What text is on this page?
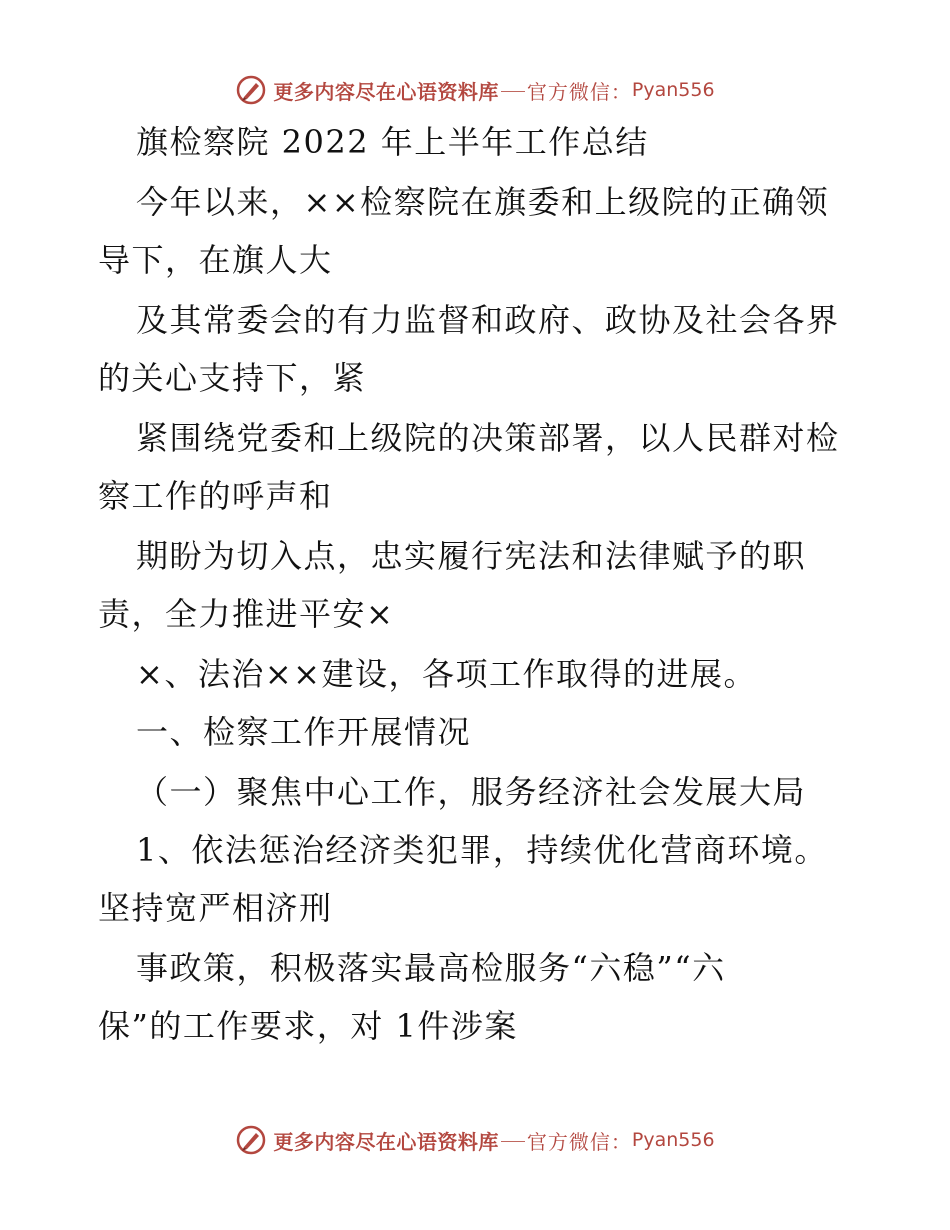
更多内容尽在心语资料库 官方微信： Pyan556
旗检察院 2022 年上半年工作总结
今年以来，××检察院在旗委和上级院的正确领
导下，在旗人大
及其常委会的有力监督和政府、政协及社会各界
的关心支持下，紧
紧围绕党委和上级院的决策部署，以人民群对检
察工作的呼声和
期盼为切入点，忠实履行宪法和法律赋予的职
责，全力推进平安×
×、法治××建设，各项工作取得的进展。
一、检察工作开展情况
（一）聚焦中心工作，服务经济社会发展大局
1、依法惩治经济类犯罪，持续优化营商环境。
坚持宽严相济刑
事政策，积极落实最高检服务“六稳”“六
保”的工作要求，对 1件涉案
更多内容尽在心语资料库 官方微信： Pyan556
